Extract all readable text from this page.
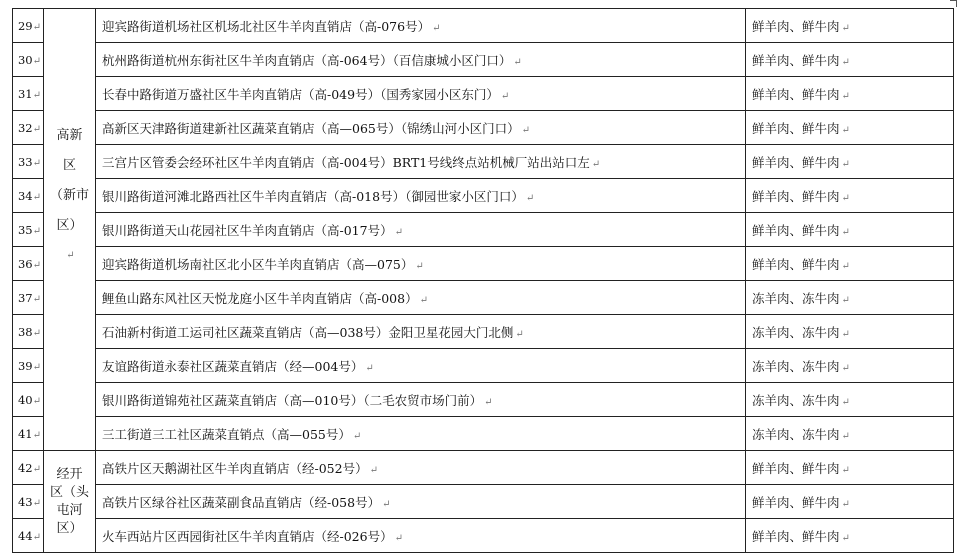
29↵	高新
区
（新市
区）
↵	迎宾路街道机场社区机场北社区牛羊肉直销店（高-076号） ↵	鲜羊肉、鲜牛肉 ↵
30↵		杭州路街道杭州东街社区牛羊肉直销店（高-064号）（百信康城小区门口） ↵	鲜羊肉、鲜牛肉 ↵
31↵		长春中路街道万盛社区牛羊肉直销店（高-049号）（国秀家园小区东门） ↵	鲜羊肉、鲜牛肉 ↵
32↵		高新区天津路街道建新社区蔬菜直销店（高—065号）（锦绣山河小区门口） ↵	鲜羊肉、鲜牛肉 ↵
33↵		三宫片区管委会经环社区牛羊肉直销店（高-004号）BRT1号线终点站机械厂站出站口左 ↵	鲜羊肉、鲜牛肉 ↵
34↵		银川路街道河滩北路西社区牛羊肉直销店（高-018号）（御园世家小区门口） ↵	鲜羊肉、鲜牛肉 ↵
35↵		银川路街道天山花园社区牛羊肉直销店（高-017号） ↵	鲜羊肉、鲜牛肉 ↵
36↵		迎宾路街道机场南社区北小区牛羊肉直销店（高—075） ↵	鲜羊肉、鲜牛肉 ↵
37↵		鲤鱼山路东风社区天悦龙庭小区牛羊肉直销店（高-008） ↵	冻羊肉、冻牛肉 ↵
38↵		石油新村街道工运司社区蔬菜直销店（高—038号）金阳卫星花园大门北侧 ↵	冻羊肉、冻牛肉 ↵
39↵		友谊路街道永泰社区蔬菜直销店（经—004号） ↵	冻羊肉、冻牛肉 ↵
40↵		银川路街道锦苑社区蔬菜直销店（高—010号）（二毛农贸市场门前） ↵	冻羊肉、冻牛肉 ↵
41↵		三工街道三工社区蔬菜直销点（高—055号） ↵	冻羊肉、冻牛肉 ↵
42↵	经开
区（头
屯河
区）	高铁片区天鹅湖社区牛羊肉直销店（经-052号） ↵	鲜羊肉、鲜牛肉 ↵
43↵		高铁片区绿谷社区蔬菜副食品直销店（经-058号） ↵	鲜羊肉、鲜牛肉 ↵
44↵		火车西站片区西园街社区牛羊肉直销店（经-026号） ↵	鲜羊肉、鲜牛肉 ↵
